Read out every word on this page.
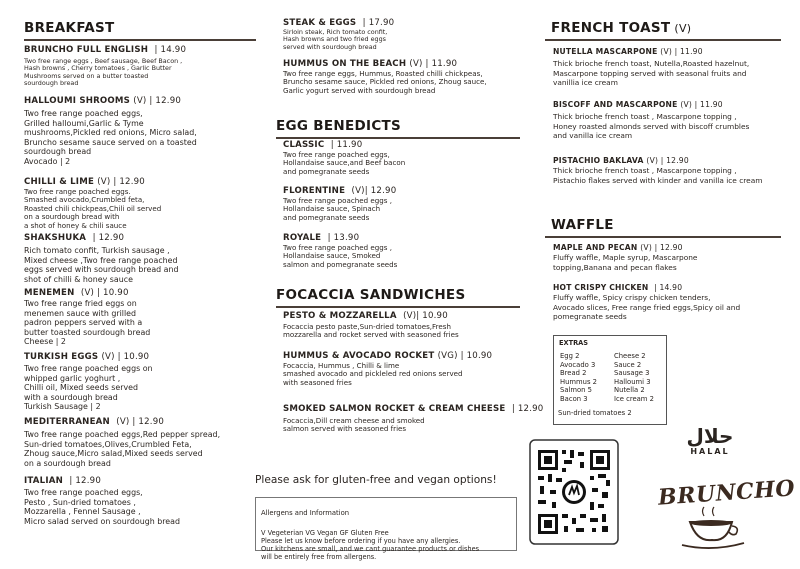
BREAKFAST
BRUNCHO FULL ENGLISH | 14.90
Two free range eggs , Beef sausage, Beef Bacon ,
Hash browns , Cherry tomatoes , Garlic Butter
Mushrooms served on a butter toasted
sourdough bread
HALLOUMI SHROOMS (V) | 12.90
Two free range poached eggs,
Grilled halloumi,Garlic & Tyme
mushrooms,Pickled red onions, Micro salad,
Bruncho sesame sauce served on a toasted
sourdough bread
Avocado | 2
CHILLI & LIME (V) | 12.90
Two free range poached eggs.
Smashed avocado,Crumbled feta,
Roasted chili chickpeas,Chili oil served
on a sourdough bread with
a shot of honey & chili sauce
SHAKSHUKA | 12.90
Rich tomato confit, Turkish sausage ,
Mixed cheese ,Two free range poached
eggs served with sourdough bread and
shot of chilli & honey sauce
MENEMEN (V) | 10.90
Two free range fried eggs on
menemen sauce with grilled
padron peppers served with a
butter toasted sourdough bread
Cheese | 2
TURKISH EGGS (V) | 10.90
Two free range poached eggs on
whipped garlic yoghurt ,
Chilli oil, Mixed seeds served
with a sourdough bread
Turkish Sausage | 2
MEDITERRANEAN (V) | 12.90
Two free range poached eggs,Red pepper spread,
Sun-dried tomatoes,Olives,Crumbled Feta,
Zhoug sauce,Micro salad,Mixed seeds served
on a sourdough bread
ITALIAN | 12.90
Two free range poached eggs,
Pesto , Sun-dried tomatoes ,
Mozzarella , Fennel Sausage ,
Micro salad served on sourdough bread
STEAK & EGGS | 17.90
Sirloin steak, Rich tomato confit,
Hash browns and two fried eggs
served with sourdough bread
HUMMUS ON THE BEACH (V) | 11.90
Two free range eggs, Hummus, Roasted chilli chickpeas,
Bruncho sesame sauce, Pickled red onions, Zhoug sauce,
Garlic yogurt served with sourdough bread
EGG BENEDICTS
CLASSIC | 11.90
Two free range poached eggs,
Hollandaise sauce,and Beef bacon
and pomegranate seeds
FLORENTINE (V)| 12.90
Two free range poached eggs ,
Hollandaise sauce, Spinach
and pomegranate seeds
ROYALE | 13.90
Two free range poached eggs ,
Hollandaise sauce, Smoked
salmon and pomegranate seeds
FOCACCIA SANDWICHES
PESTO & MOZZARELLA (V)| 10.90
Focaccia pesto paste,Sun-dried tomatoes,Fresh
mozzarella and rocket served with seasoned fries
HUMMUS & AVOCADO ROCKET (VG) | 10.90
Focaccia, Hummus , Chilli & lime
smashed avocado and pickleled red onions served
with seasoned fries
SMOKED SALMON ROCKET & CREAM CHEESE | 12.90
Focaccia,Dill cream cheese and smoked
salmon served with seasoned fries
Please ask for gluten-free and vegan options!

Allergens and Information

V Vegeterian VG Vegan GF Gluten Free
Please let us know before ordering if you have any allergies.
Our kitchens are small, and we cant guarantee products or dishes
will be entirely free from allergens.

FRENCH TOAST (V)
NUTELLA MASCARPONE (V) | 11.90
Thick brioche french toast, Nutella,Roasted hazelnut,
Mascarpone topping served with seasonal fruits and
vanillia ice cream
BISCOFF AND MASCARPONE (V) | 11.90
Thick brioche french toast , Mascarpone topping ,
Honey roasted almonds served with biscoff crumbles
and vanilla ice cream
PISTACHIO BAKLAVA (V) | 12.90
Thick brioche french toast , Mascarpone topping ,
Pistachio flakes served with kinder and vanilla ice cream
WAFFLE
MAPLE AND PECAN (V) | 12.90
Fluffy waffle, Maple syrup, Mascarpone
topping,Banana and pecan flakes
HOT CRISPY CHICKEN | 14.90
Fluffy waffle, Spicy crispy chicken tenders,
Avocado slices, Free range fried eggs,Spicy oil and
pomegranate seeds
EXTRAS
Egg 2
Avocado 3
Bread 2
Hummus 2
Salmon 5
Bacon 3
Cheese 2
Sauce 2
Sausage 3
Halloumi 3
Nutella 2
Ice cream 2
Sun-dried tomatoes 2
حلال
HALAL
BRUNCHO
